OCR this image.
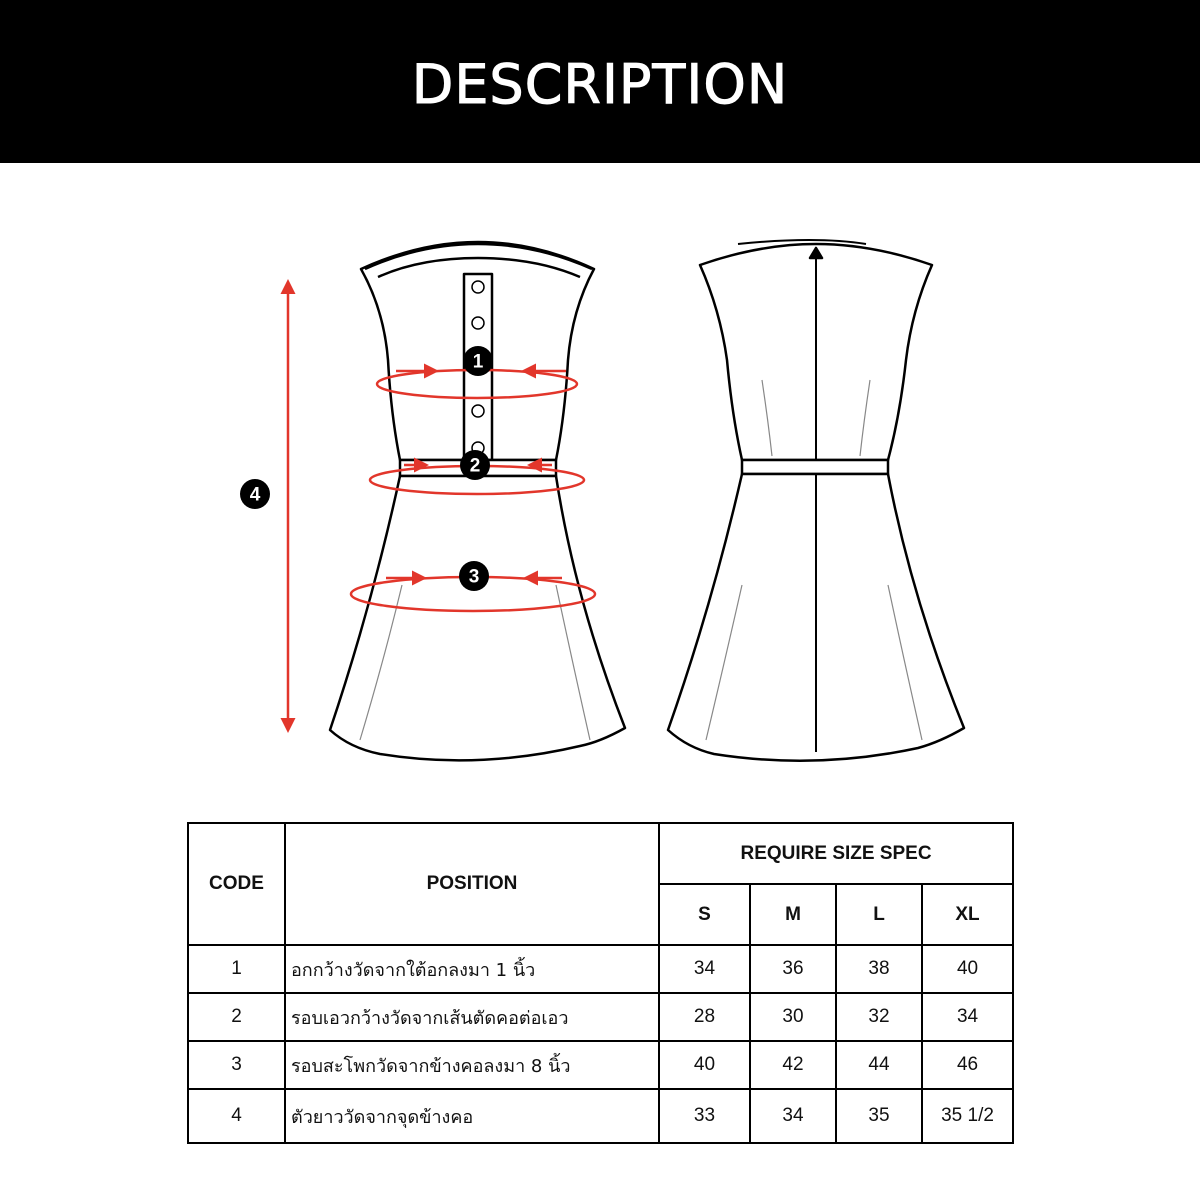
DESCRIPTION
1
2
3
4
CODE	POSITION	REQUIRE SIZE SPEC			
		S	M	L	XL
1	อกกว้างวัดจากใต้อกลงมา 1 นิ้ว	34	36	38	40
2	รอบเอวกว้างวัดจากเส้นตัดคอต่อเอว	28	30	32	34
3	รอบสะโพกวัดจากข้างคอลงมา 8 นิ้ว	40	42	44	46
4	ตัวยาววัดจากจุดข้างคอ	33	34	35	35 1/2
